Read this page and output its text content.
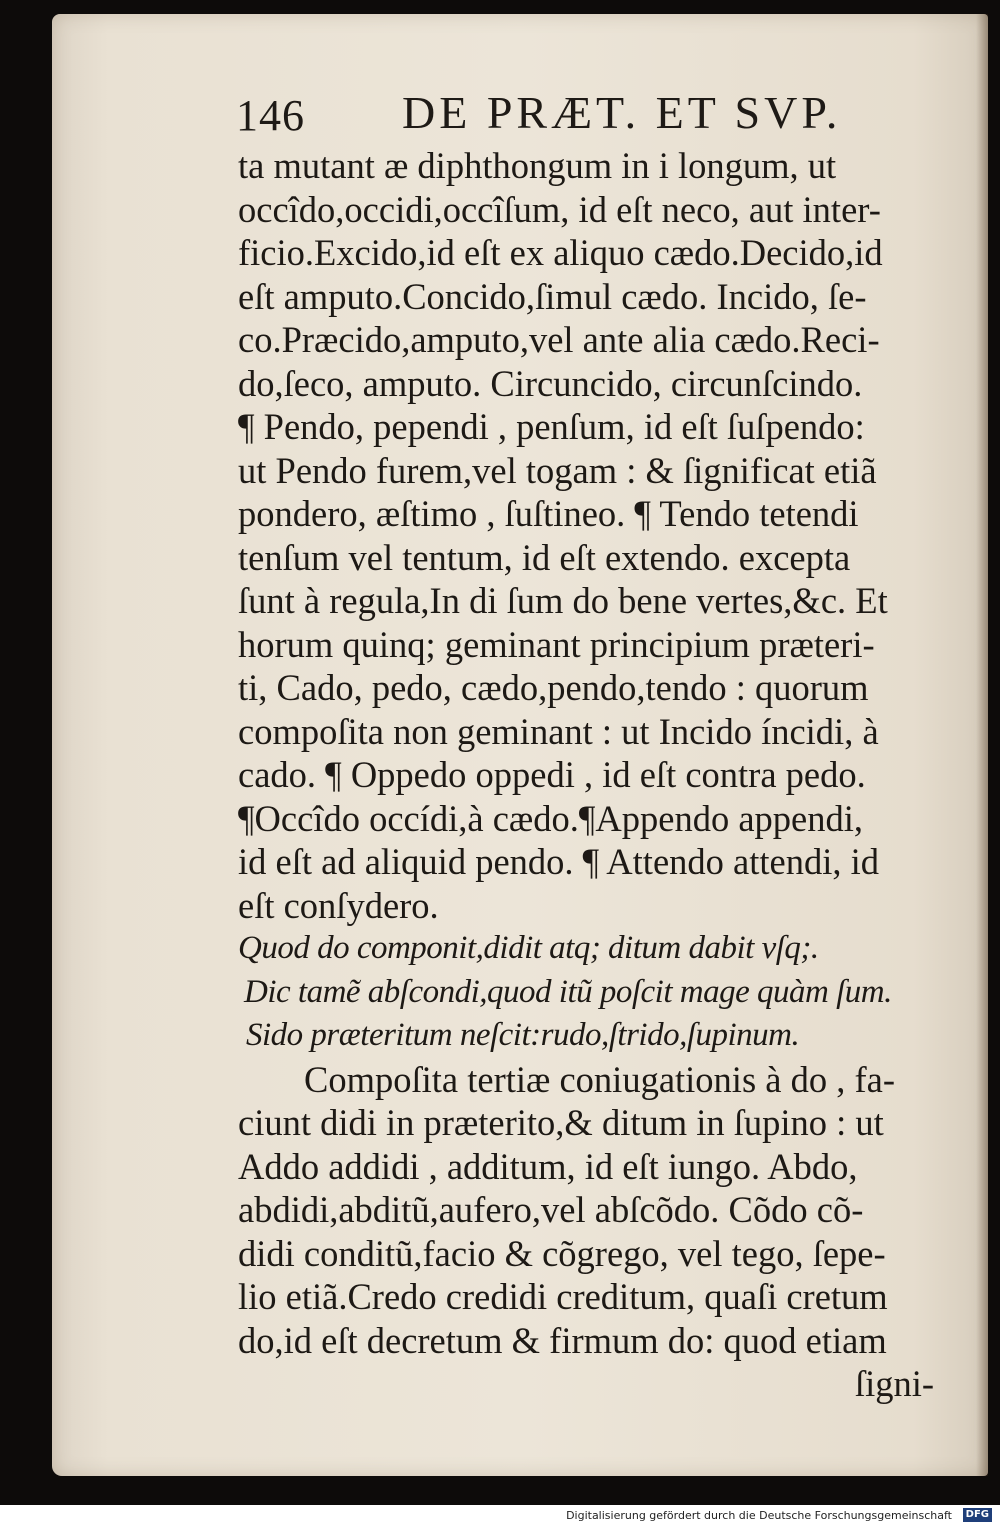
146 DE PRÆT. ET SVP.
ta mutant æ diphthongum in i longum, ut
occîdo,occidi,occîſum, id eſt neco, aut inter-
ficio.Excido,id eſt ex aliquo cædo.Decido,id
eſt amputo.Concido,ſimul cædo. Incido, ſe-
co.Præcido,amputo,vel ante alia cædo.Reci-
do,ſeco, amputo. Circuncido, circunſcindo.
¶ Pendo, pependi , penſum, id eſt ſuſpendo:
ut Pendo furem,vel togam : & ſignificat etiã
pondero, æſtimo , ſuſtineo. ¶ Tendo tetendi
tenſum vel tentum, id eſt extendo. excepta
ſunt à regula,In di ſum do bene vertes,&c. Et
horum quinq; geminant principium præteri-
ti, Cado, pedo, cædo,pendo,tendo : quorum
compoſita non geminant : ut Incido íncidi, à
cado. ¶ Oppedo oppedi , id eſt contra pedo.
¶Occîdo occídi,à cædo.¶Appendo appendi,
id eſt ad aliquid pendo. ¶ Attendo attendi, id
eſt conſydero.
Quod do componit,didit atq; ditum dabit vſq;.
Dic tamẽ abſcondi,quod itũ poſcit mage quàm ſum.
Sido præteritum neſcit:rudo,ſtrido,ſupinum.
Compoſita tertiæ coniugationis à do , fa-
ciunt didi in præterito,& ditum in ſupino : ut
Addo addidi , additum, id eſt iungo. Abdo,
abdidi,abditũ,aufero,vel abſcõdo. Cõdo cõ-
didi conditũ,facio & cõgrego, vel tego, ſepe-
lio etiã.Credo credidi creditum, quaſi cretum
do,id eſt decretum & firmum do: quod etiam
ſigni-
Digitalisierung gefördert durch die Deutsche Forschungsgemeinschaft	DFG
